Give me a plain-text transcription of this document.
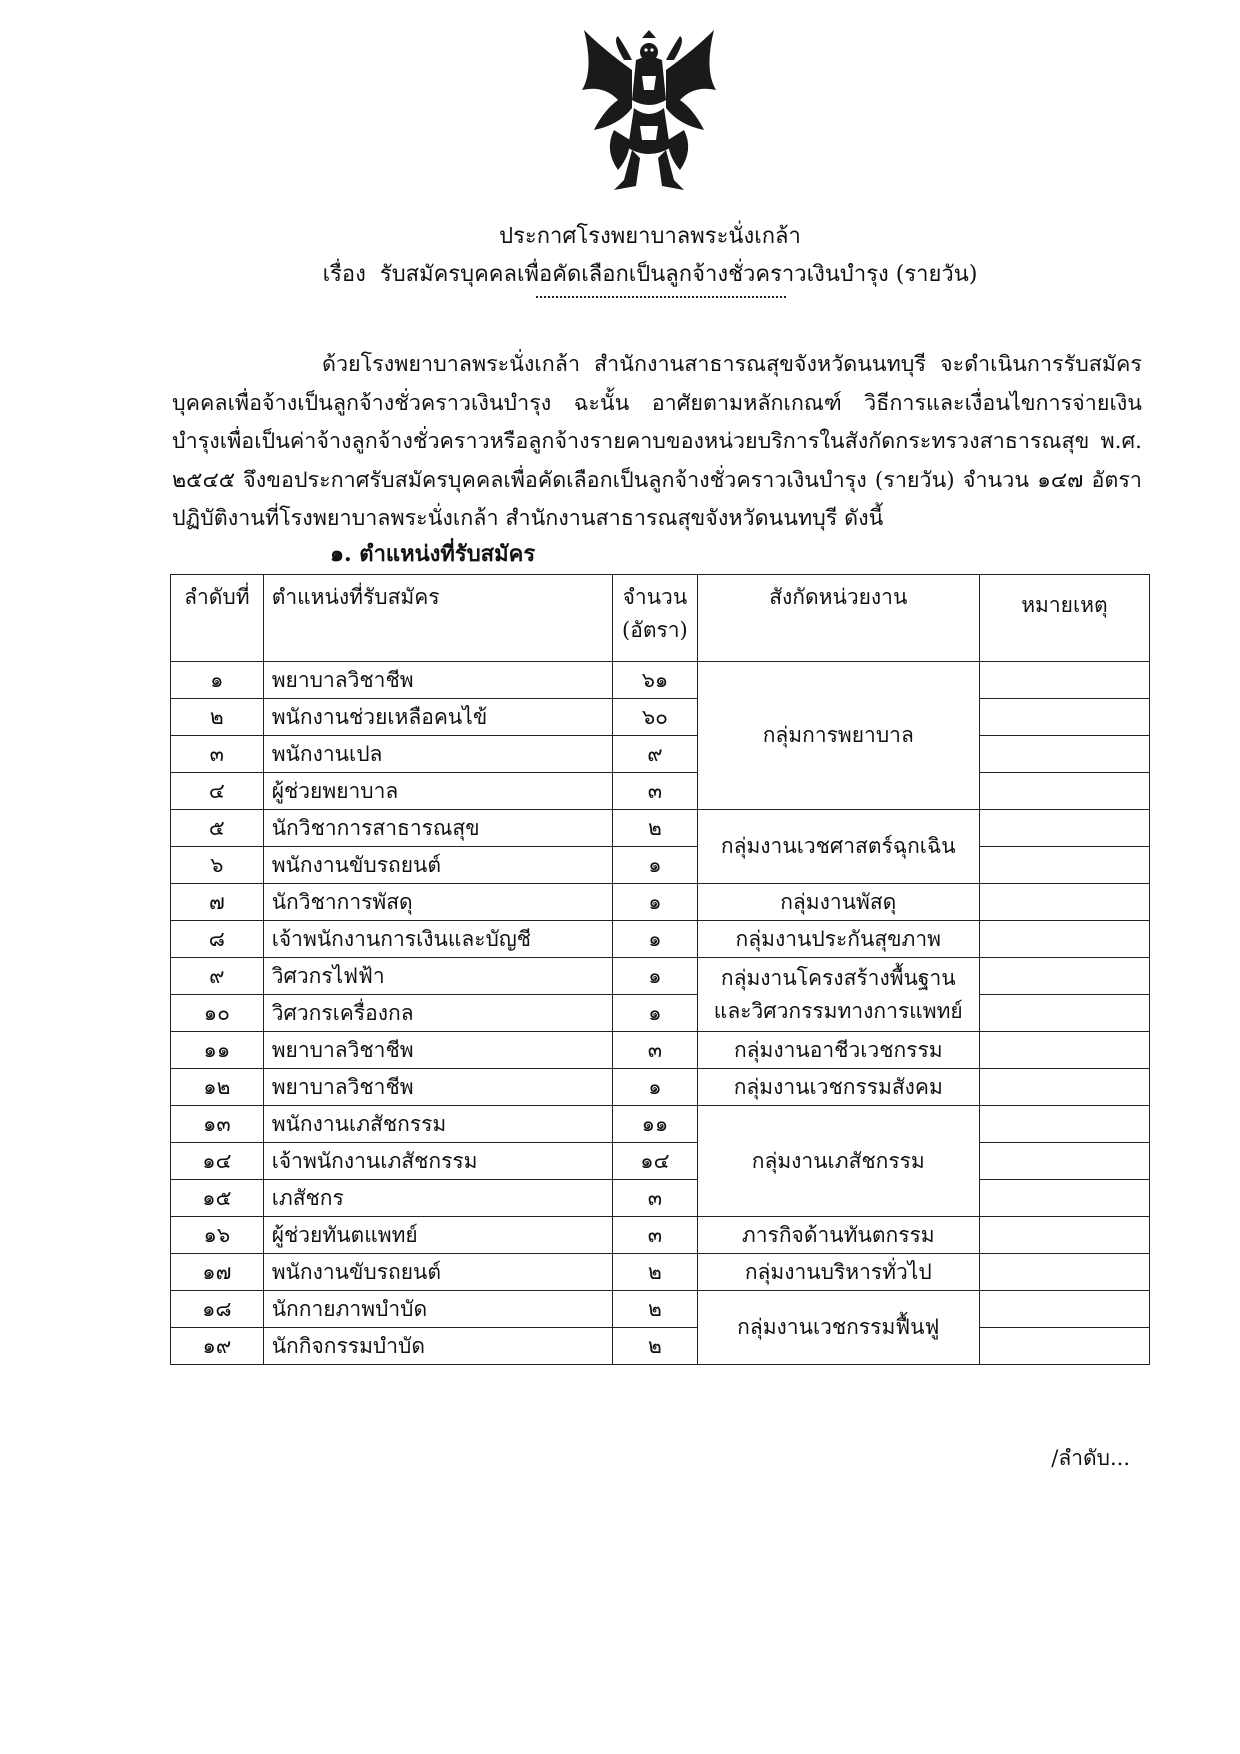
ประกาศโรงพยาบาลพระนั่งเกล้า
เรื่อง รับสมัครบุคคลเพื่อคัดเลือกเป็นลูกจ้างชั่วคราวเงินบำรุง (รายวัน)
ด้วยโรงพยาบาลพระนั่งเกล้า สำนักงานสาธารณสุขจังหวัดนนทบุรี จะดำเนินการรับสมัครบุคคลเพื่อจ้างเป็นลูกจ้างชั่วคราวเงินบำรุง ฉะนั้น อาศัยตามหลักเกณฑ์ วิธีการและเงื่อนไขการจ่ายเงินบำรุงเพื่อเป็นค่าจ้างลูกจ้างชั่วคราวหรือลูกจ้างรายคาบของหน่วยบริการในสังกัดกระทรวงสาธารณสุข พ.ศ. ๒๕๔๕ จึงขอประกาศรับสมัครบุคคลเพื่อคัดเลือกเป็นลูกจ้างชั่วคราวเงินบำรุง (รายวัน) จำนวน ๑๔๗ อัตรา ปฏิบัติงานที่โรงพยาบาลพระนั่งเกล้า สำนักงานสาธารณสุขจังหวัดนนทบุรี ดังนี้
๑. ตำแหน่งที่รับสมัคร
ลำดับที่	ตำแหน่งที่รับสมัคร	จำนวน (อัตรา)	สังกัดหน่วยงาน	หมายเหตุ
๑	พยาบาลวิชาชีพ	๖๑	กลุ่มการพยาบาล	
๒	พนักงานช่วยเหลือคนไข้	๖๐		
๓	พนักงานเปล	๙		
๔	ผู้ช่วยพยาบาล	๓		
๕	นักวิชาการสาธารณสุข	๒	กลุ่มงานเวชศาสตร์ฉุกเฉิน	
๖	พนักงานขับรถยนต์	๑		
๗	นักวิชาการพัสดุ	๑	กลุ่มงานพัสดุ	
๘	เจ้าพนักงานการเงินและบัญชี	๑	กลุ่มงานประกันสุขภาพ	
๙	วิศวกรไฟฟ้า	๑	กลุ่มงานโครงสร้างพื้นฐานและวิศวกรรมทางการแพทย์	
๑๐	วิศวกรเครื่องกล	๑		
๑๑	พยาบาลวิชาชีพ	๓	กลุ่มงานอาชีวเวชกรรม	
๑๒	พยาบาลวิชาชีพ	๑	กลุ่มงานเวชกรรมสังคม	
๑๓	พนักงานเภสัชกรรม	๑๑	กลุ่มงานเภสัชกรรม	
๑๔	เจ้าพนักงานเภสัชกรรม	๑๔		
๑๕	เภสัชกร	๓		
๑๖	ผู้ช่วยทันตแพทย์	๓	ภารกิจด้านทันตกรรม	
๑๗	พนักงานขับรถยนต์	๒	กลุ่มงานบริหารทั่วไป	
๑๘	นักกายภาพบำบัด	๒	กลุ่มงานเวชกรรมฟื้นฟู	
๑๙	นักกิจกรรมบำบัด	๒		
/ลำดับ...
